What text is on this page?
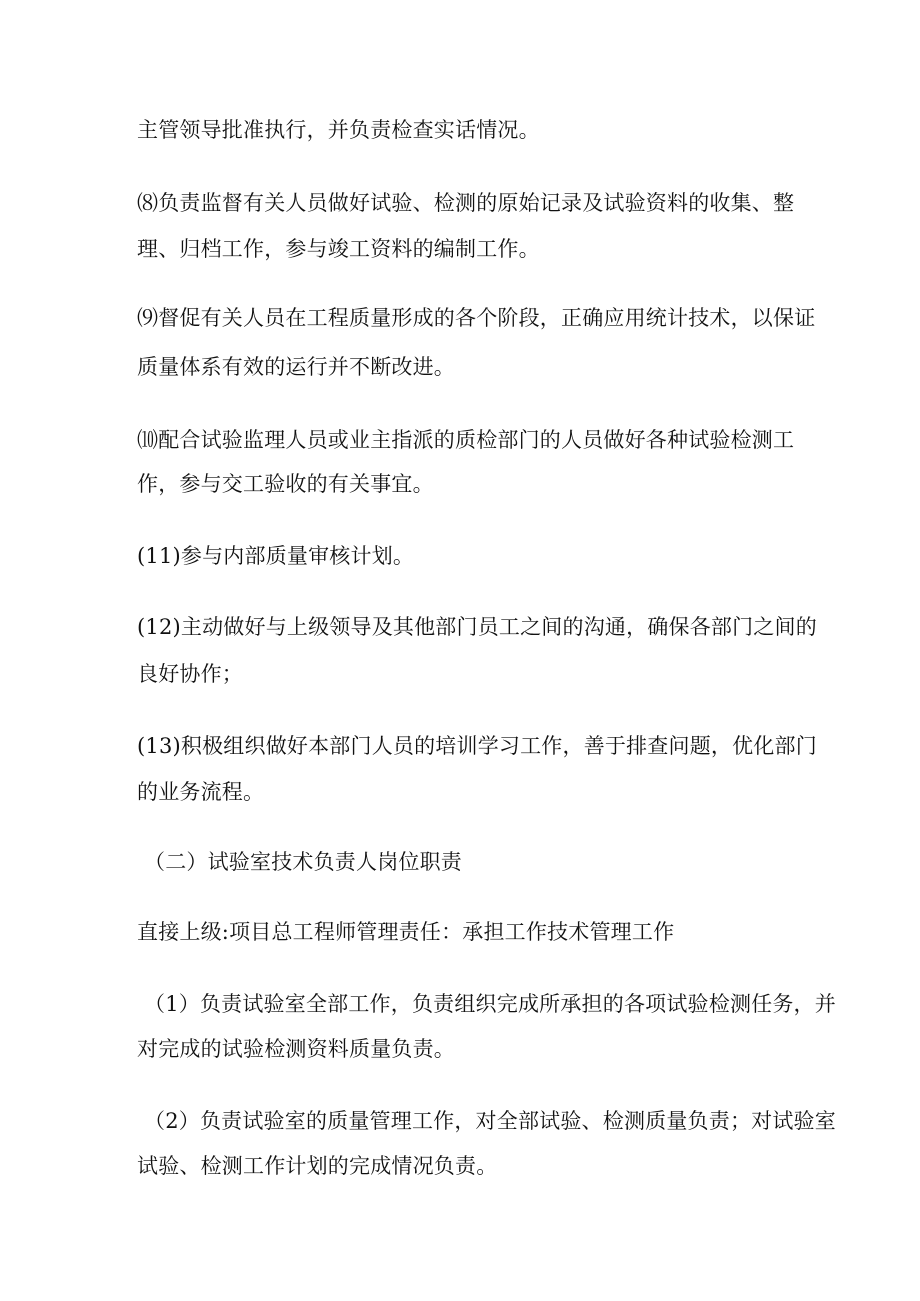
主管领导批准执行，并负责检查实话情况。
⑻负责监督有关人员做好试验、检测的原始记录及试验资料的收集、整
理、归档工作，参与竣工资料的编制工作。
⑼督促有关人员在工程质量形成的各个阶段，正确应用统计技术，以保证
质量体系有效的运行并不断改进。
⑽配合试验监理人员或业主指派的质检部门的人员做好各种试验检测工
作，参与交工验收的有关事宜。
(11)参与内部质量审核计划。
(12)主动做好与上级领导及其他部门员工之间的沟通，确保各部门之间的
良好协作；
(13)积极组织做好本部门人员的培训学习工作，善于排查问题，优化部门
的业务流程。
（二）试验室技术负责人岗位职责
直接上级:项目总工程师管理责任：承担工作技术管理工作
（1）负责试验室全部工作，负责组织完成所承担的各项试验检测任务，并
对完成的试验检测资料质量负责。
（2）负责试验室的质量管理工作，对全部试验、检测质量负责；对试验室
试验、检测工作计划的完成情况负责。
